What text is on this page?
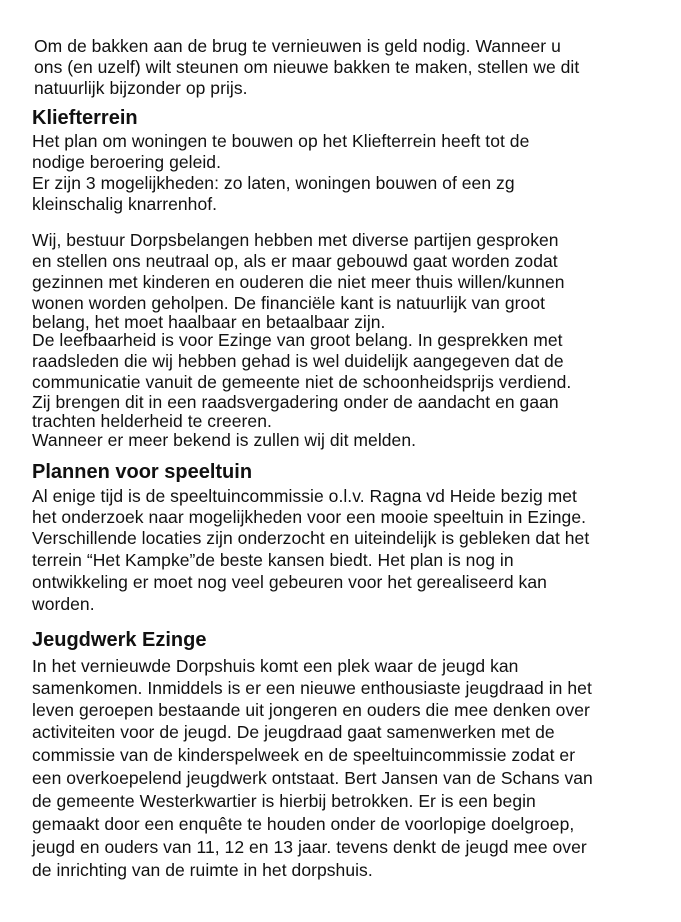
Om de bakken aan de brug te vernieuwen is geld nodig. Wanneer u
ons (en uzelf) wilt steunen om nieuwe bakken te maken, stellen we dit
natuurlijk bijzonder op prijs.
Kliefterrein
Het plan om woningen te bouwen op het Kliefterrein heeft tot de
nodige beroering geleid.
Er zijn 3 mogelijkheden: zo laten, woningen bouwen of een zg
kleinschalig knarrenhof.
Wij, bestuur Dorpsbelangen hebben met diverse partijen gesproken
en stellen ons neutraal op, als er maar gebouwd gaat worden zodat
gezinnen met kinderen en ouderen die niet meer thuis willen/kunnen
wonen worden geholpen. De financiële kant is natuurlijk van groot
belang, het moet haalbaar en betaalbaar zijn.
De leefbaarheid is voor Ezinge van groot belang. In gesprekken met
raadsleden die wij hebben gehad is wel duidelijk aangegeven dat de
communicatie vanuit de gemeente niet de schoonheidsprijs verdiend.
Zij brengen dit in een raadsvergadering onder de aandacht en gaan
trachten helderheid te creeren.
Wanneer er meer bekend is zullen wij dit melden.
Plannen voor speeltuin
Al enige tijd is de speeltuincommissie o.l.v. Ragna vd Heide bezig met
het onderzoek naar mogelijkheden voor een mooie speeltuin in Ezinge.
Verschillende locaties zijn onderzocht en uiteindelijk is gebleken dat het
terrein “Het Kampke”de beste kansen biedt. Het plan is nog in
ontwikkeling er moet nog veel gebeuren voor het gerealiseerd kan
worden.
Jeugdwerk Ezinge
In het vernieuwde Dorpshuis komt een plek waar de jeugd kan
samenkomen. Inmiddels is er een nieuwe enthousiaste jeugdraad in het
leven geroepen bestaande uit jongeren en ouders die mee denken over
activiteiten voor de jeugd. De jeugdraad gaat samenwerken met de
commissie van de kinderspelweek en de speeltuincommissie zodat er
een overkoepelend jeugdwerk ontstaat. Bert Jansen van de Schans van
de gemeente Westerkwartier is hierbij betrokken. Er is een begin
gemaakt door een enquête te houden onder de voorlopige doelgroep,
jeugd en ouders van 11, 12 en 13 jaar. tevens denkt de jeugd mee over
de inrichting van de ruimte in het dorpshuis.
